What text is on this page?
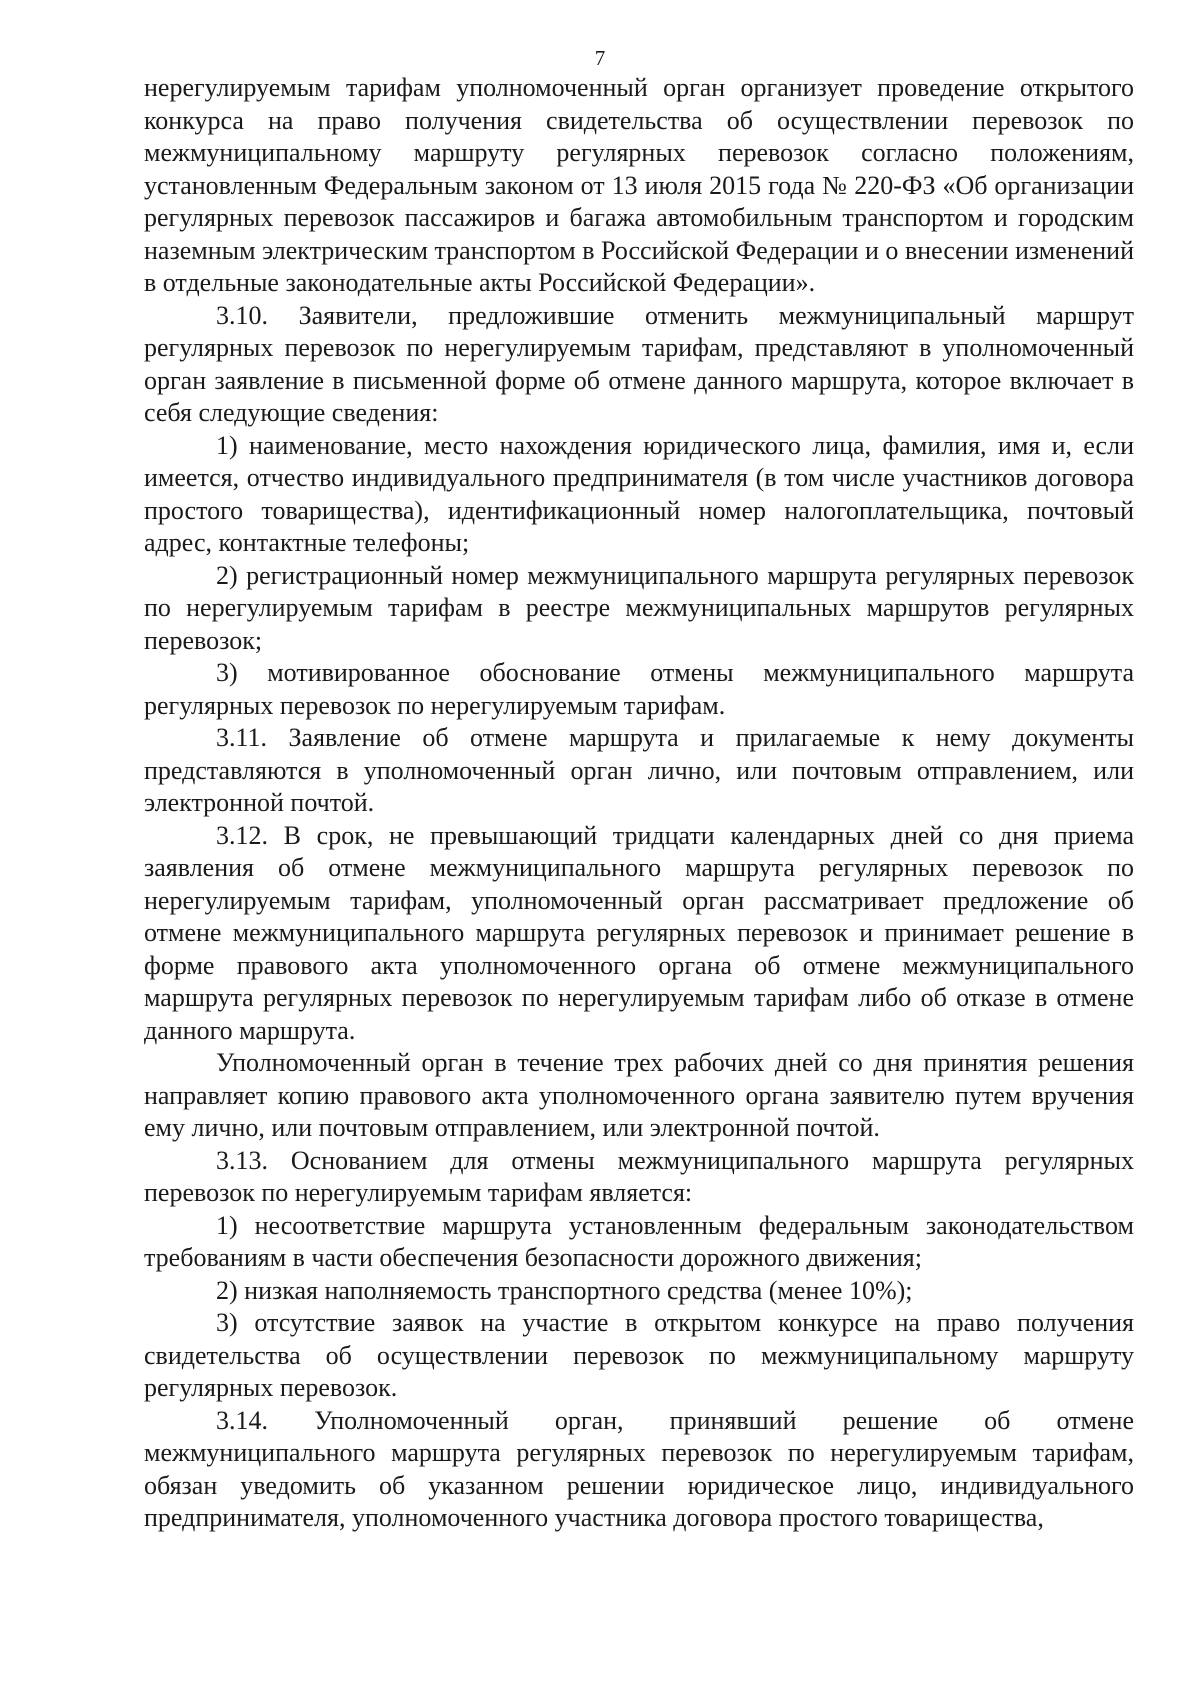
7

нерегулируемым тарифам уполномоченный орган организует проведение открытого конкурса на право получения свидетельства об осуществлении перевозок по межмуниципальному маршруту регулярных перевозок согласно положениям, установленным Федеральным законом от 13 июля 2015 года № 220-ФЗ «Об организации регулярных перевозок пассажиров и багажа автомобильным транспортом и городским наземным электрическим транспортом в Российской Федерации и о внесении изменений в отдельные законодательные акты Российской Федерации».

3.10. Заявители, предложившие отменить межмуниципальный маршрут регулярных перевозок по нерегулируемым тарифам, представляют в уполномоченный орган заявление в письменной форме об отмене данного маршрута, которое включает в себя следующие сведения:

1) наименование, место нахождения юридического лица, фамилия, имя и, если имеется, отчество индивидуального предпринимателя (в том числе участников договора простого товарищества), идентификационный номер налогоплательщика, почтовый адрес, контактные телефоны;

2) регистрационный номер межмуниципального маршрута регулярных перевозок по нерегулируемым тарифам в реестре межмуниципальных маршрутов регулярных перевозок;

3) мотивированное обоснование отмены межмуниципального маршрута регулярных перевозок по нерегулируемым тарифам.

3.11. Заявление об отмене маршрута и прилагаемые к нему документы представляются в уполномоченный орган лично, или почтовым отправлением, или электронной почтой.

3.12. В срок, не превышающий тридцати календарных дней со дня приема заявления об отмене межмуниципального маршрута регулярных перевозок по нерегулируемым тарифам, уполномоченный орган рассматривает предложение об отмене межмуниципального маршрута регулярных перевозок и принимает решение в форме правового акта уполномоченного органа об отмене межмуниципального маршрута регулярных перевозок по нерегулируемым тарифам либо об отказе в отмене данного маршрута.

Уполномоченный орган в течение трех рабочих дней со дня принятия решения направляет копию правового акта уполномоченного органа заявителю путем вручения ему лично, или почтовым отправлением, или электронной почтой.

3.13. Основанием для отмены межмуниципального маршрута регулярных перевозок по нерегулируемым тарифам является:

1) несоответствие маршрута установленным федеральным законодательством требованиям в части обеспечения безопасности дорожного движения;

2) низкая наполняемость транспортного средства (менее 10%);

3) отсутствие заявок на участие в открытом конкурсе на право получения свидетельства об осуществлении перевозок по межмуниципальному маршруту регулярных перевозок.

3.14. Уполномоченный орган, принявший решение об отмене межмуниципального маршрута регулярных перевозок по нерегулируемым тарифам, обязан уведомить об указанном решении юридическое лицо, индивидуального предпринимателя, уполномоченного участника договора простого товарищества,
